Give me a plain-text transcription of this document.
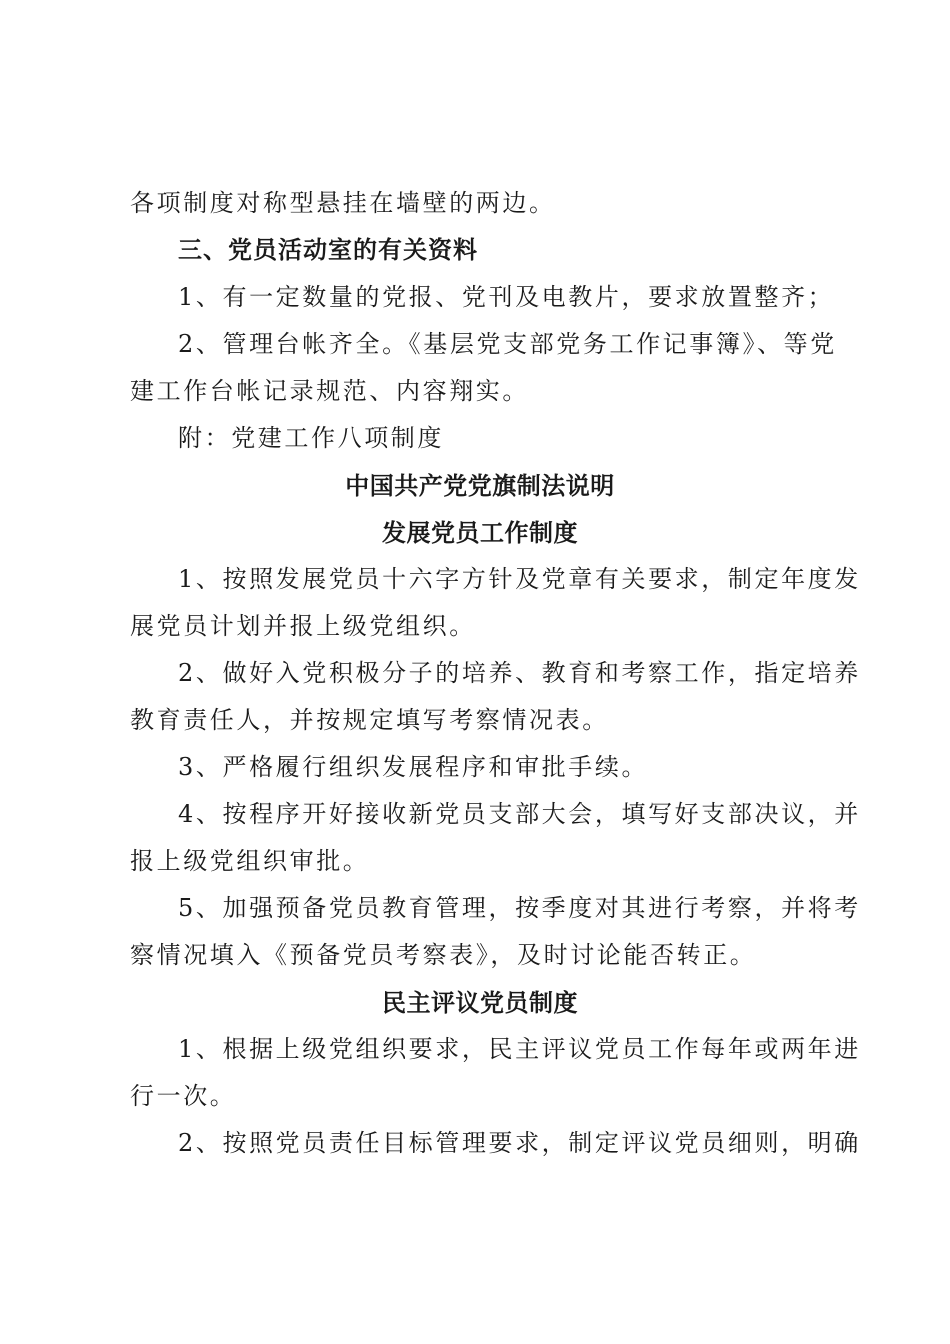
各项制度对称型悬挂在墙壁的两边。
三、党员活动室的有关资料
1、有一定数量的党报、党刊及电教片，要求放置整齐；
2、管理台帐齐全。《基层党支部党务工作记事簿》、等党
建工作台帐记录规范、内容翔实。
附：党建工作八项制度
中国共产党党旗制法说明
发展党员工作制度
1、按照发展党员十六字方针及党章有关要求，制定年度发
展党员计划并报上级党组织。
2、做好入党积极分子的培养、教育和考察工作，指定培养
教育责任人，并按规定填写考察情况表。
3、严格履行组织发展程序和审批手续。
4、按程序开好接收新党员支部大会，填写好支部决议，并
报上级党组织审批。
5、加强预备党员教育管理，按季度对其进行考察，并将考
察情况填入《预备党员考察表》，及时讨论能否转正。
民主评议党员制度
1、根据上级党组织要求，民主评议党员工作每年或两年进
行一次。
2、按照党员责任目标管理要求，制定评议党员细则，明确
